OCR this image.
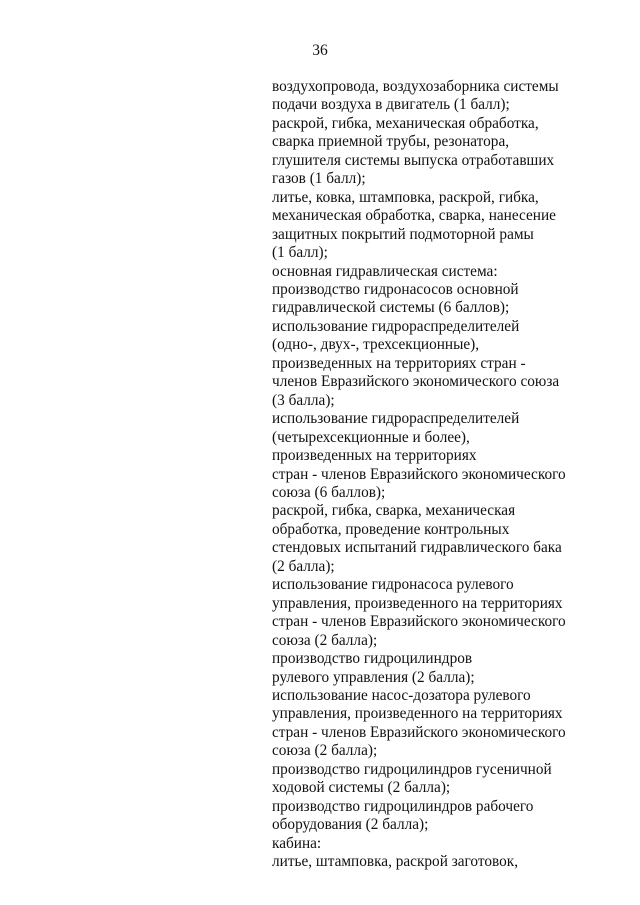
36
воздухопровода, воздухозаборника системы
подачи воздуха в двигатель (1 балл);
раскрой, гибка, механическая обработка,
сварка приемной трубы, резонатора,
глушителя системы выпуска отработавших
газов (1 балл);
литье, ковка, штамповка, раскрой, гибка,
механическая обработка, сварка, нанесение
защитных покрытий подмоторной рамы
(1 балл);
основная гидравлическая система:
производство гидронасосов основной
гидравлической системы (6 баллов);
использование гидрораспределителей
(одно-, двух-, трехсекционные),
произведенных на территориях стран -
членов Евразийского экономического союза
(3 балла);
использование гидрораспределителей
(четырехсекционные и более),
произведенных на территориях
стран - членов Евразийского экономического
союза (6 баллов);
раскрой, гибка, сварка, механическая
обработка, проведение контрольных
стендовых испытаний гидравлического бака
(2 балла);
использование гидронасоса рулевого
управления, произведенного на территориях
стран - членов Евразийского экономического
союза (2 балла);
производство гидроцилиндров
рулевого управления (2 балла);
использование насос-дозатора рулевого
управления, произведенного на территориях
стран - членов Евразийского экономического
союза (2 балла);
производство гидроцилиндров гусеничной
ходовой системы (2 балла);
производство гидроцилиндров рабочего
оборудования (2 балла);
кабина:
литье, штамповка, раскрой заготовок,
